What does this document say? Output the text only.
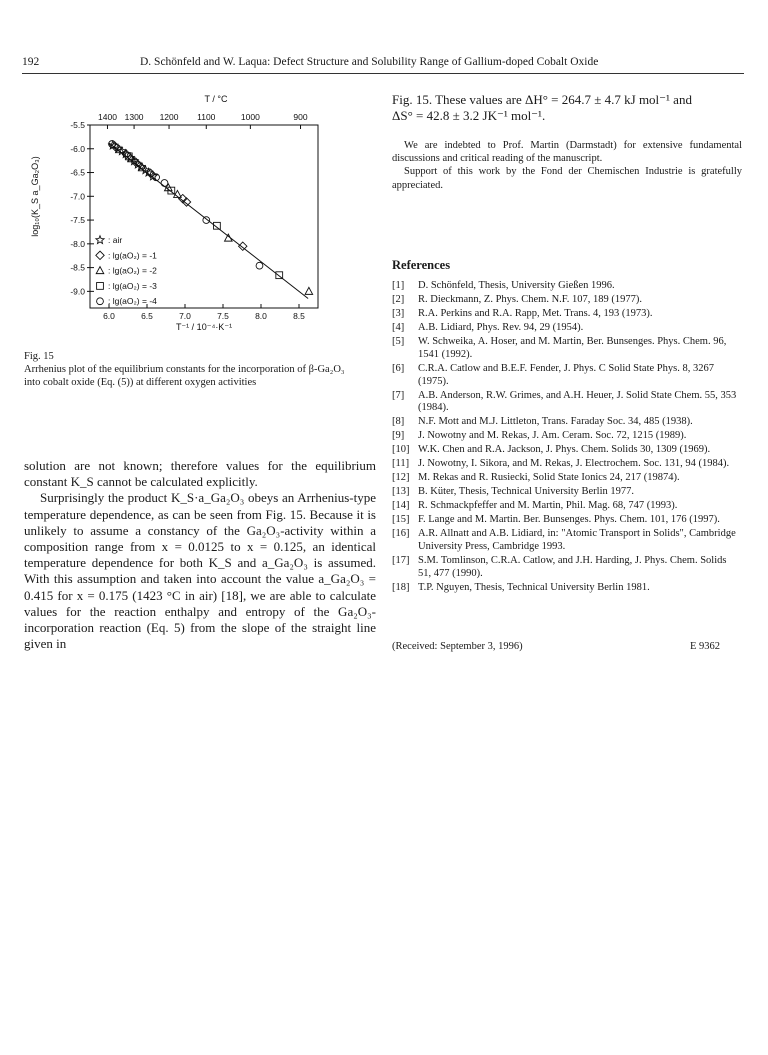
192	D. Schönfeld and W. Laqua: Defect Structure and Solubility Range of Gallium-doped Cobalt Oxide
T / °C
1400 1300 1200 1100	1000	900
6.0	6.5	7.0	7.5	8.0	8.5
T⁻¹ / 10⁻⁴·K⁻¹
-5.5
-6.0
-6.5
-7.0
-7.5
-8.0
-8.5
-9.0
log₁₀(K_S a_Ga₂O₃)
: air
: lg(aO₂) = -1
: lg(aO₂) = -2
: lg(aO₂) = -3
: lg(aO₂) = -4
Fig. 15
Arrhenius plot of the equilibrium constants for the incorporation of β-Ga₂O₃ into cobalt oxide (Eq. (5)) at different oxygen activities

solution are not known; therefore values for the equilibrium constant K_S cannot be calculated explicitly.

Surprisingly the product K_S·a_Ga₂O₃ obeys an Arrhenius-type temperature dependence, as can be seen from Fig. 15. Because it is unlikely to assume a constancy of the Ga₂O₃-activity within a composition range from x = 0.0125 to x = 0.125, an identical temperature dependence for both K_S and a_Ga₂O₃ is assumed. With this assumption and taken into account the value a_Ga₂O₃ = 0.415 for x = 0.175 (1423 °C in air) [18], we are able to calculate values for the reaction enthalpy and entropy of the Ga₂O₃-incorporation reaction (Eq. 5) from the slope of the straight line given in

Fig. 15. These values are ΔH° = 264.7 ± 4.7 kJ mol⁻¹ and
ΔS° = 42.8 ± 3.2 JK⁻¹ mol⁻¹.

We are indebted to Prof. Martin (Darmstadt) for extensive fundamental discussions and critical reading of the manuscript.

Support of this work by the Fond der Chemischen Industrie is gratefully appreciated.

References
[1] D. Schönfeld, Thesis, University Gießen 1996.
[2] R. Dieckmann, Z. Phys. Chem. N.F. 107, 189 (1977).
[3] R.A. Perkins and R.A. Rapp, Met. Trans. 4, 193 (1973).
[4] A.B. Lidiard, Phys. Rev. 94, 29 (1954).
[5] W. Schweika, A. Hoser, and M. Martin, Ber. Bunsenges. Phys. Chem. 96, 1541 (1992).
[6] C.R.A. Catlow and B.E.F. Fender, J. Phys. C Solid State Phys. 8, 3267 (1975).
[7] A.B. Anderson, R.W. Grimes, and A.H. Heuer, J. Solid State Chem. 55, 353 (1984).
[8] N.F. Mott and M.J. Littleton, Trans. Faraday Soc. 34, 485 (1938).
[9] J. Nowotny and M. Rekas, J. Am. Ceram. Soc. 72, 1215 (1989).
[10] W.K. Chen and R.A. Jackson, J. Phys. Chem. Solids 30, 1309 (1969).
[11] J. Nowotny, I. Sikora, and M. Rekas, J. Electrochem. Soc. 131, 94 (1984).
[12] M. Rekas and R. Rusiecki, Solid State Ionics 24, 217 (19874).
[13] B. Küter, Thesis, Technical University Berlin 1977.
[14] R. Schmackpfeffer and M. Martin, Phil. Mag. 68, 747 (1993).
[15] F. Lange and M. Martin. Ber. Bunsenges. Phys. Chem. 101, 176 (1997).
[16] A.R. Allnatt and A.B. Lidiard, in: "Atomic Transport in Solids", Cambridge University Press, Cambridge 1993.
[17] S.M. Tomlinson, C.R.A. Catlow, and J.H. Harding, J. Phys. Chem. Solids 51, 477 (1990).
[18] T.P. Nguyen, Thesis, Technical University Berlin 1981.
(Received: September 3, 1996)	E 9362
